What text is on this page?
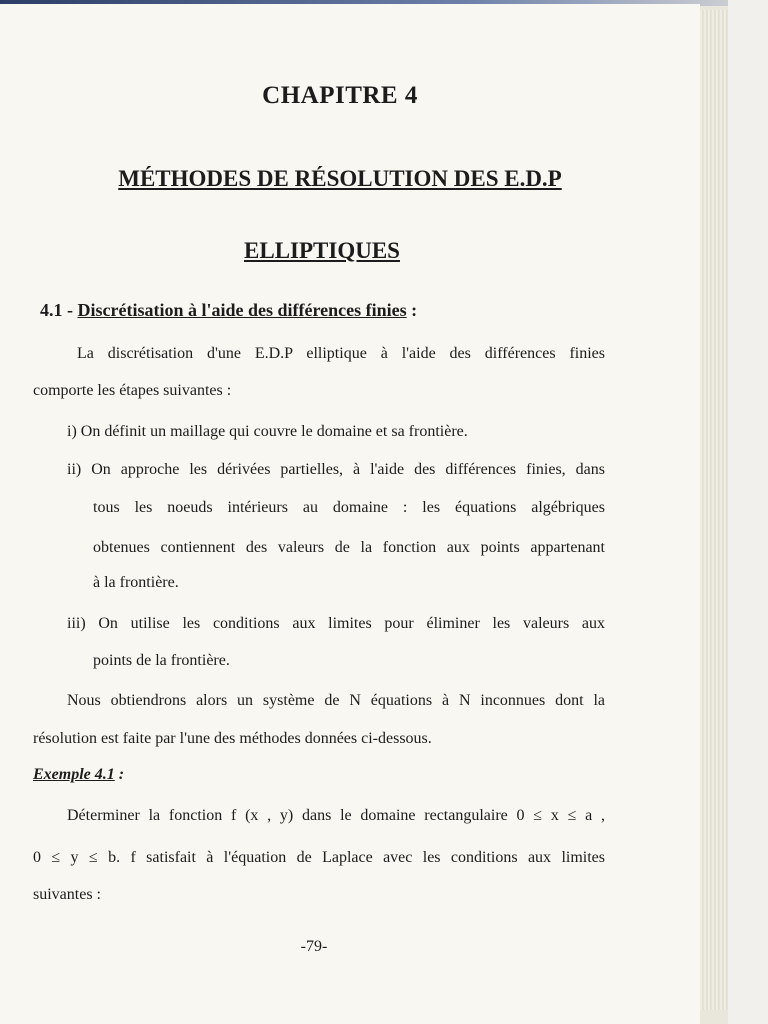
CHAPITRE 4
MÉTHODES DE RÉSOLUTION DES E.D.P
ELLIPTIQUES
4.1 - Discrétisation à l'aide des différences finies :
La discrétisation d'une E.D.P elliptique à l'aide des différences finies
comporte les étapes suivantes :
i) On définit un maillage qui couvre le domaine et sa frontière.
ii) On approche les dérivées partielles, à l'aide des différences finies, dans
tous les noeuds intérieurs au domaine : les équations algébriques
obtenues contiennent des valeurs de la fonction aux points appartenant
à la frontière.
iii) On utilise les conditions aux limites pour éliminer les valeurs aux
points de la frontière.
Nous obtiendrons alors un système de N équations à N inconnues dont la
résolution est faite par l'une des méthodes données ci-dessous.
Exemple 4.1 :
Déterminer la fonction f (x , y) dans le domaine rectangulaire 0 ≤ x ≤ a ,
0 ≤ y ≤ b. f satisfait à l'équation de Laplace avec les conditions aux limites
suivantes :
-79-
